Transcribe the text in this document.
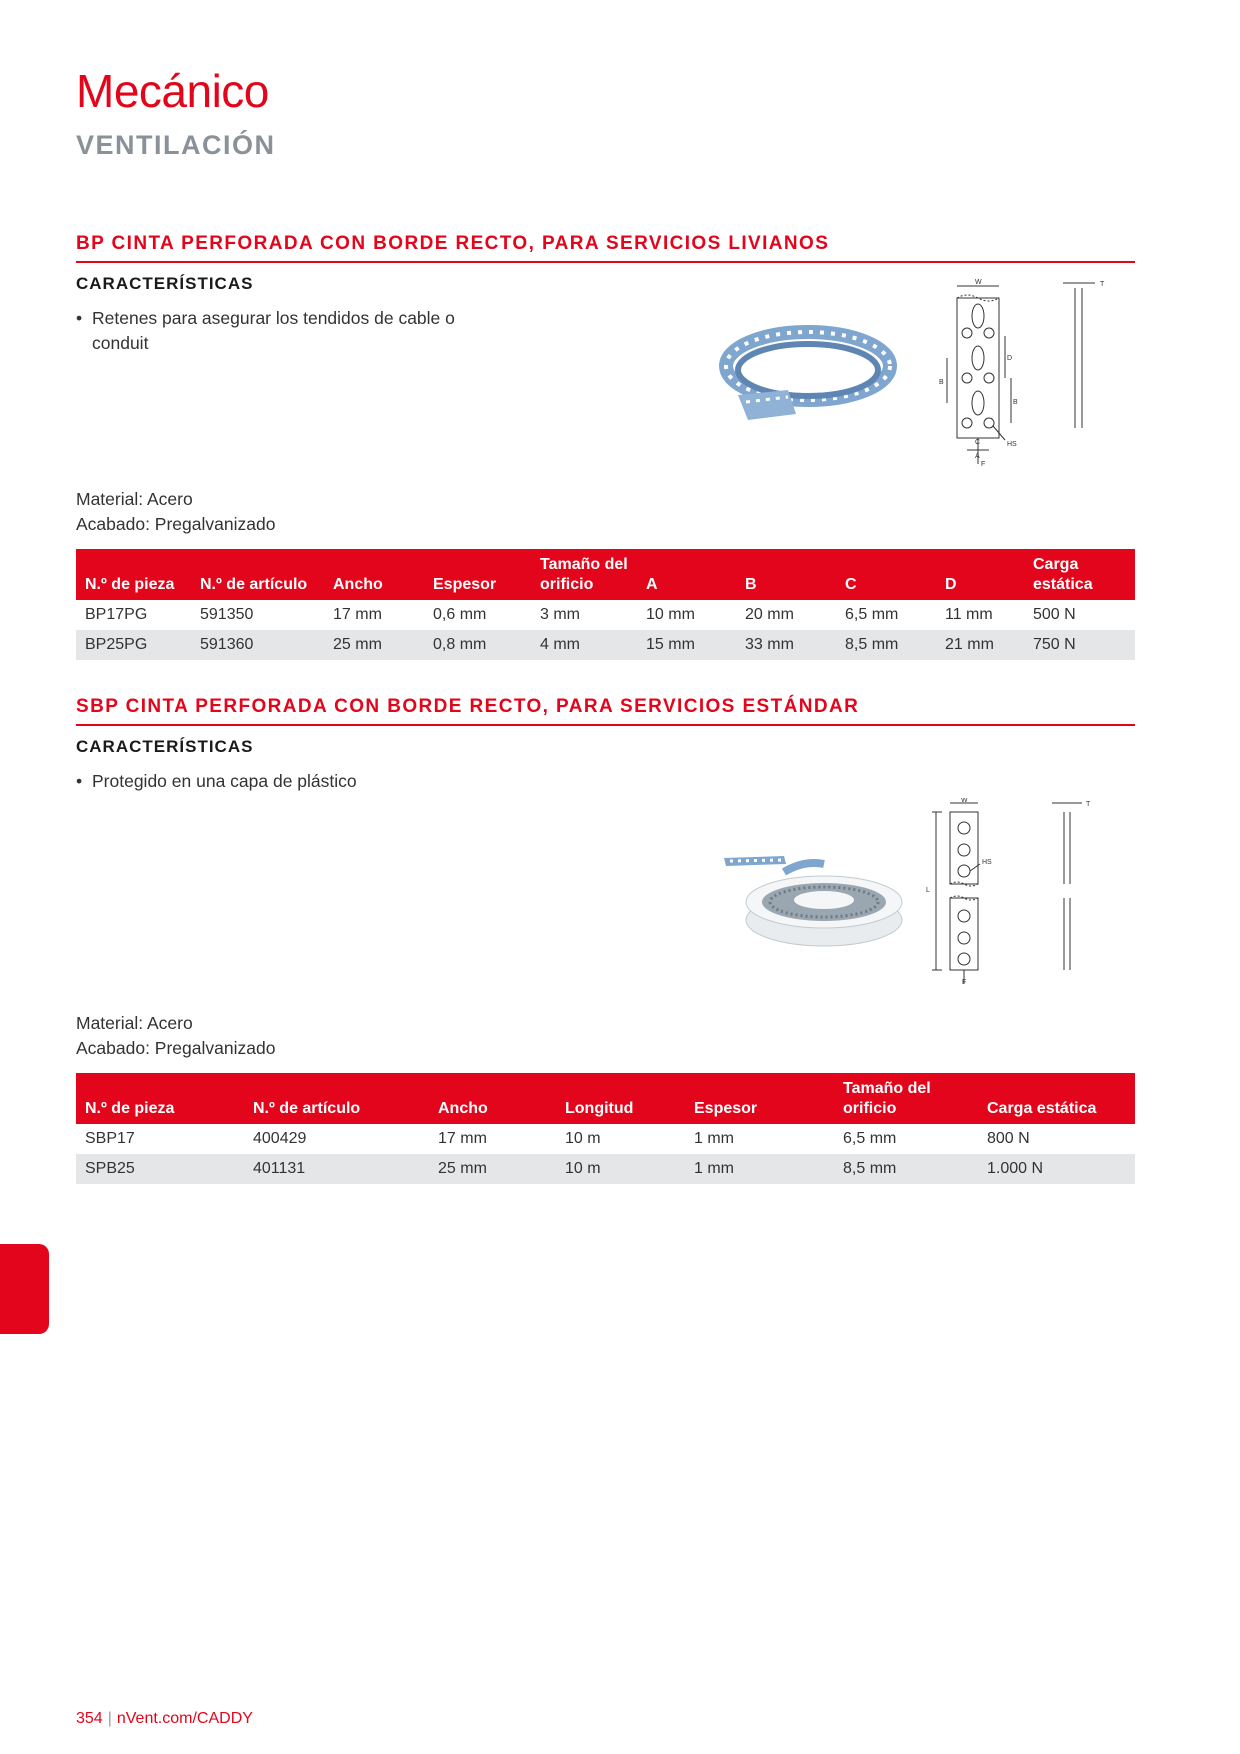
Mecánico
VENTILACIÓN
BP CINTA PERFORADA CON BORDE RECTO, PARA SERVICIOS LIVIANOS
CARACTERÍSTICAS
• Retenes para asegurar los tendidos de cable o conduit
Material: Acero
Acabado: Pregalvanizado
N.º de pieza	N.º de artículo	Ancho	Espesor	Tamaño del orificio	A	B	C	D	Carga estática
BP17PG	591350	17 mm	0,6 mm	3 mm	10 mm	20 mm	6,5 mm	11 mm	500 N
BP25PG	591360	25 mm	0,8 mm	4 mm	15 mm	33 mm	8,5 mm	21 mm	750 N
W	T
D
B
B
C
A
HS
F
SBP CINTA PERFORADA CON BORDE RECTO, PARA SERVICIOS ESTÁNDAR
CARACTERÍSTICAS
• Protegido en una capa de plástico
Material: Acero
Acabado: Pregalvanizado
N.º de pieza	N.º de artículo	Ancho	Longitud	Espesor	Tamaño del orificio	Carga estática
SBP17	400429	17 mm	10 m	1 mm	6,5 mm	800 N
SPB25	401131	25 mm	10 m	1 mm	8,5 mm	1.000 N
W
T
L
HS
F
354 | nVent.com/CADDY
